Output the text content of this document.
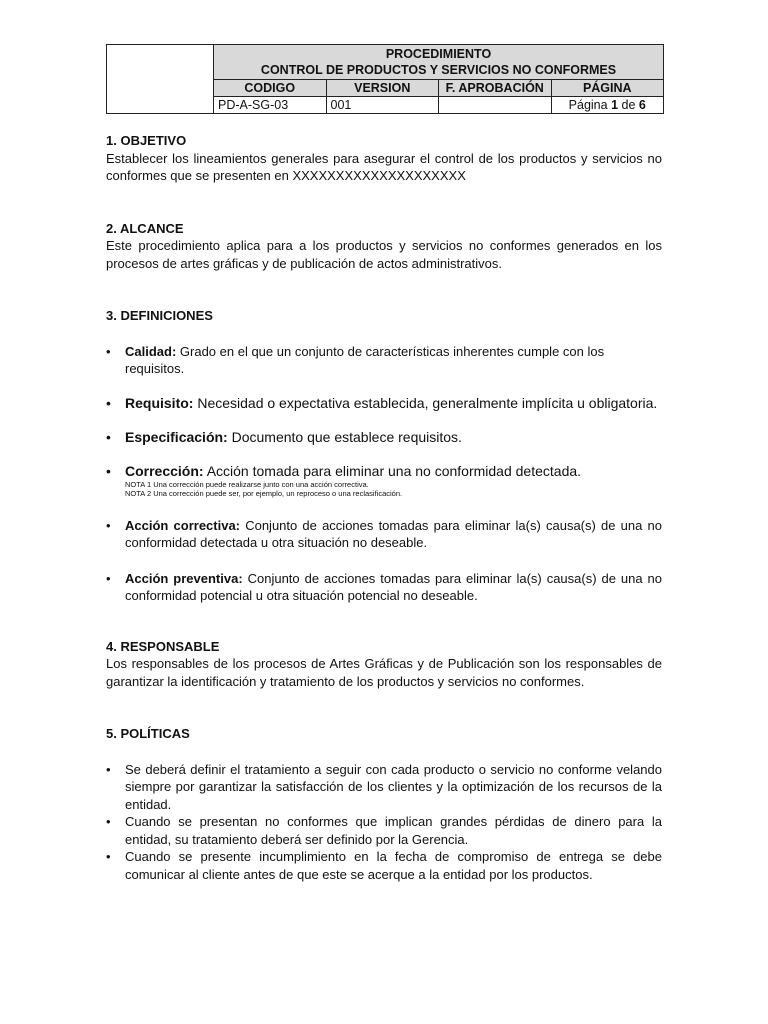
	PROCEDIMIENTO
CONTROL DE PRODUCTOS Y SERVICIOS NO CONFORMES			

	CODIGO	VERSION	F. APROBACIÓN	PÁGINA
	PD-A-SG-03	001		Página 1 de 6

1. OBJETIVO

Establecer los lineamientos generales para asegurar el control de los productos y servicios no conformes que se presenten en XXXXXXXXXXXXXXXXXXXX

2. ALCANCE

Este procedimiento aplica para a los productos y servicios no conformes generados en los procesos de artes gráficas y de publicación de actos administrativos.

3. DEFINICIONES

• Calidad: Grado en el que un conjunto de características inherentes cumple con los requisitos.
• Requisito: Necesidad o expectativa establecida, generalmente implícita u obligatoria.
• Especificación: Documento que establece requisitos.
• Corrección: Acción tomada para eliminar una no conformidad detectada.
NOTA 1 Una corrección puede realizarse junto con una acción correctiva.
NOTA 2 Una corrección puede ser, por ejemplo, un reproceso o una reclasificación.
• Acción correctiva: Conjunto de acciones tomadas para eliminar la(s) causa(s) de una no conformidad detectada u otra situación no deseable.
• Acción preventiva: Conjunto de acciones tomadas para eliminar la(s) causa(s) de una no conformidad potencial u otra situación potencial no deseable.

4. RESPONSABLE

Los responsables de los procesos de Artes Gráficas y de Publicación son los responsables de garantizar la identificación y tratamiento de los productos y servicios no conformes.

5. POLÍTICAS

• Se deberá definir el tratamiento a seguir con cada producto o servicio no conforme velando siempre por garantizar la satisfacción de los clientes y la optimización de los recursos de la entidad.
• Cuando se presentan no conformes que implican grandes pérdidas de dinero para la entidad, su tratamiento deberá ser definido por la Gerencia.
• Cuando se presente incumplimiento en la fecha de compromiso de entrega se debe comunicar al cliente antes de que este se acerque a la entidad por los productos.
